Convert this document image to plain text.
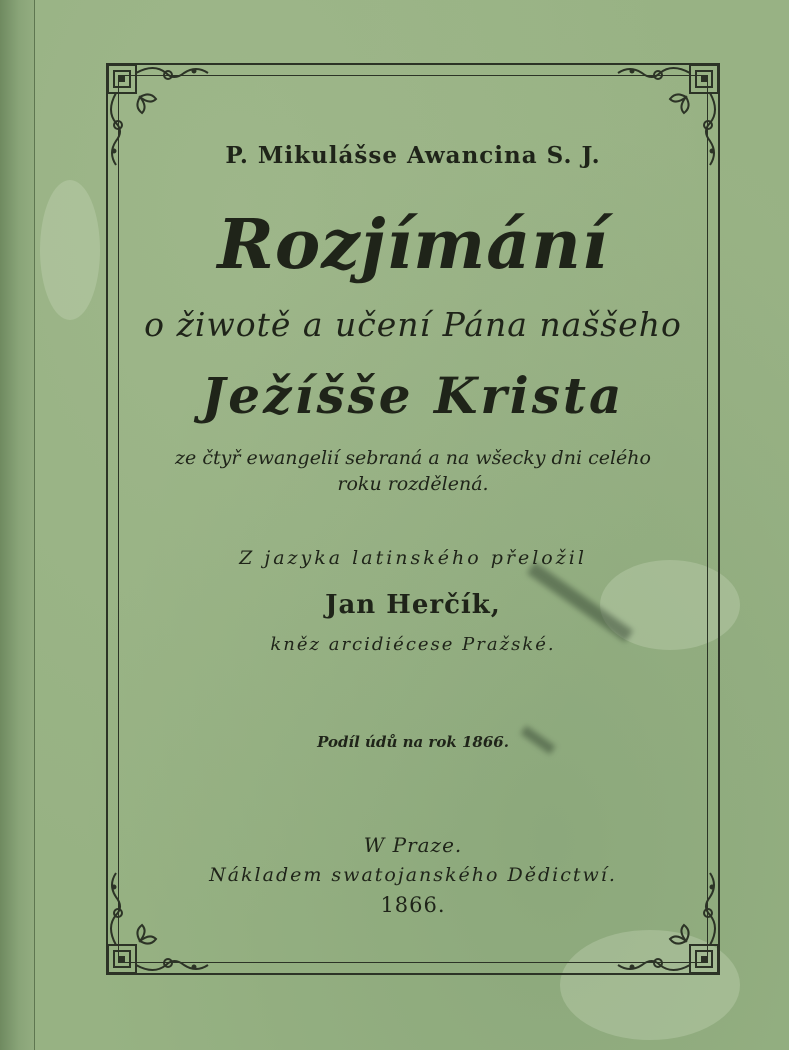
P. Mikulášse Awancina S. J.
Rozjímání
o žiwotě a učení Pána naššeho
Ježíšše Krista
ze čtyř ewangelií sebraná a na wšecky dni celého
roku rozdělená.
Z jazyka latinského přeložil
Jan Herčík,
kněz arcidiécese Pražské.
Podíl údů na rok 1866.
W Praze.
Nákladem swatojanského Dědictwí.
1866.
